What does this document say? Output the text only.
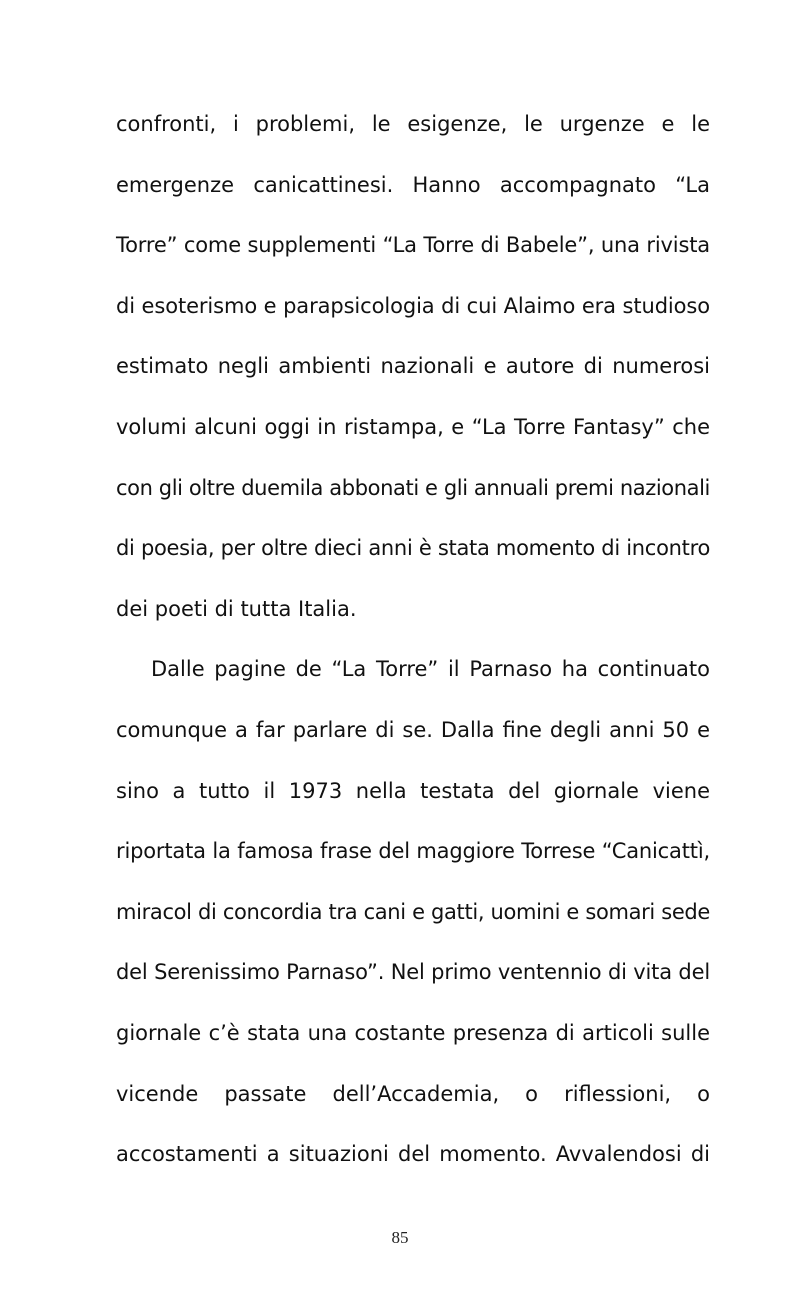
confronti, i problemi, le esigenze, le urgenze e le
emergenze canicattinesi. Hanno accompagnato “La
Torre” come supplementi “La Torre di Babele”, una rivista
di esoterismo e parapsicologia di cui Alaimo era studioso
estimato negli ambienti nazionali e autore di numerosi
volumi alcuni oggi in ristampa, e “La Torre Fantasy” che
con gli oltre duemila abbonati e gli annuali premi nazionali
di poesia, per oltre dieci anni è stata momento di incontro
dei poeti di tutta Italia.
Dalle pagine de “La Torre” il Parnaso ha continuato
comunque a far parlare di se. Dalla fine degli anni 50 e
sino a tutto il 1973 nella testata del giornale viene
riportata la famosa frase del maggiore Torrese “Canicattì,
miracol di concordia tra cani e gatti, uomini e somari sede
del Serenissimo Parnaso”. Nel primo ventennio di vita del
giornale c’è stata una costante presenza di articoli sulle
vicende passate dell’Accademia, o riflessioni, o
accostamenti a situazioni del momento. Avvalendosi di
85
